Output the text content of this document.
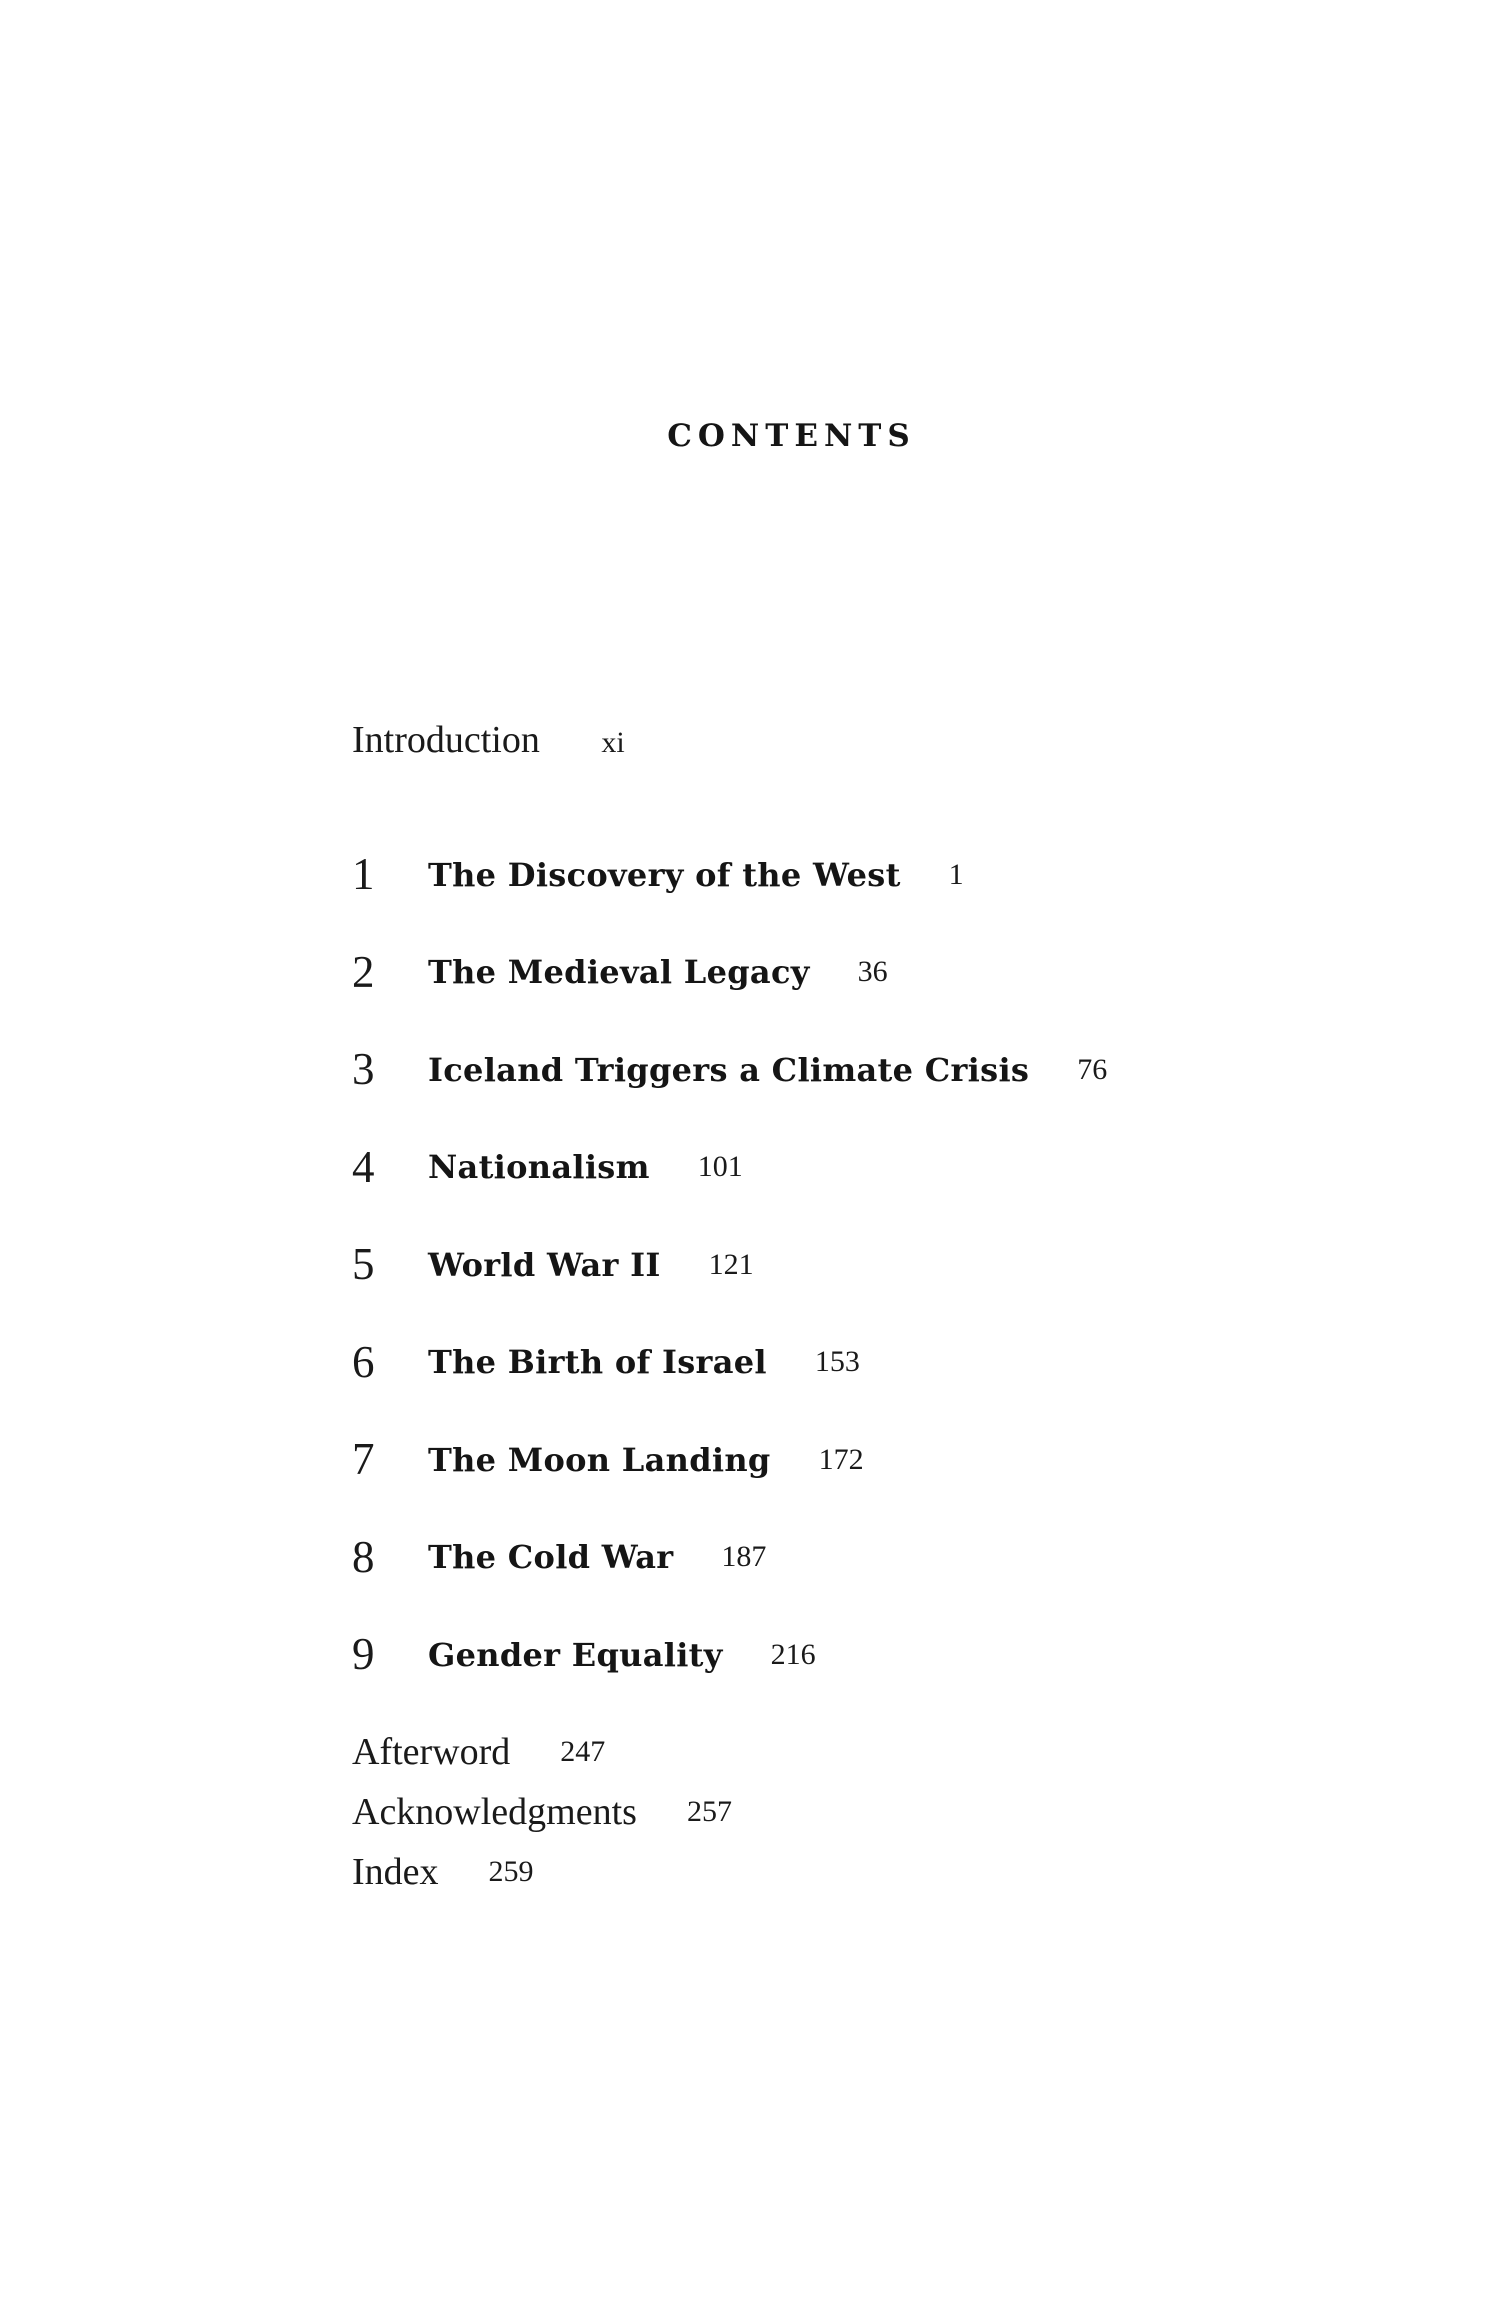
CONTENTS
Introduction xi
1	The Discovery of the West 1
2	The Medieval Legacy 36
3	Iceland Triggers a Climate Crisis 76
4	Nationalism 101
5	World War II 121
6	The Birth of Israel 153
7	The Moon Landing 172
8	The Cold War 187
9	Gender Equality 216
Afterword 247
Acknowledgments 257
Index 259
